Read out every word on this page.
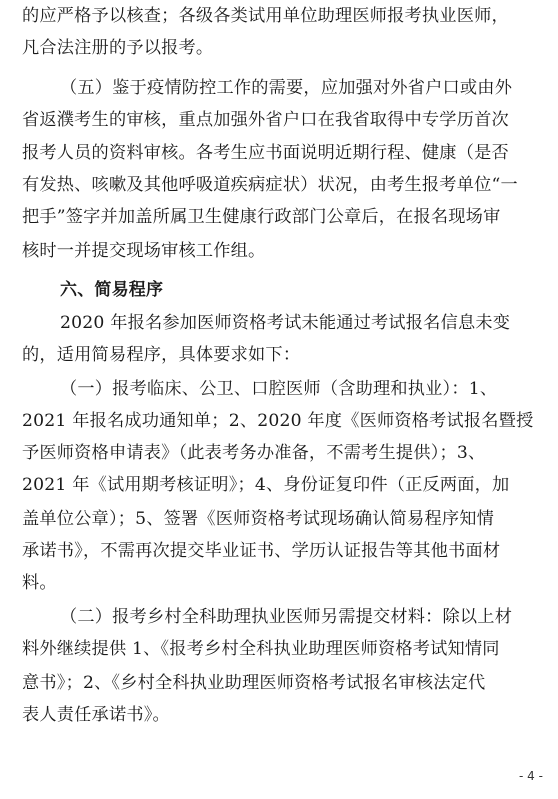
的应严格予以核查；各级各类试用单位助理医师报考执业医师，
凡合法注册的予以报考。
（五）鉴于疫情防控工作的需要，应加强对外省户口或由外
省返濮考生的审核，重点加强外省户口在我省取得中专学历首次
报考人员的资料审核。各考生应书面说明近期行程、健康（是否
有发热、咳嗽及其他呼吸道疾病症状）状况，由考生报考单位“一
把手”签字并加盖所属卫生健康行政部门公章后，在报名现场审
核时一并提交现场审核工作组。
六、简易程序
2020 年报名参加医师资格考试未能通过考试报名信息未变
的，适用简易程序，具体要求如下：
（一）报考临床、公卫、口腔医师（含助理和执业）：1、
2021 年报名成功通知单；2、2020 年度《医师资格考试报名暨授
予医师资格申请表》（此表考务办准备，不需考生提供）；3、
2021 年《试用期考核证明》；4、身份证复印件（正反两面，加
盖单位公章）；5、签署《医师资格考试现场确认简易程序知情
承诺书》，不需再次提交毕业证书、学历认证报告等其他书面材
料。
（二）报考乡村全科助理执业医师另需提交材料：除以上材
料外继续提供 1、《报考乡村全科执业助理医师资格考试知情同
意书》；2、《乡村全科执业助理医师资格考试报名审核法定代
表人责任承诺书》。
- 4 -
